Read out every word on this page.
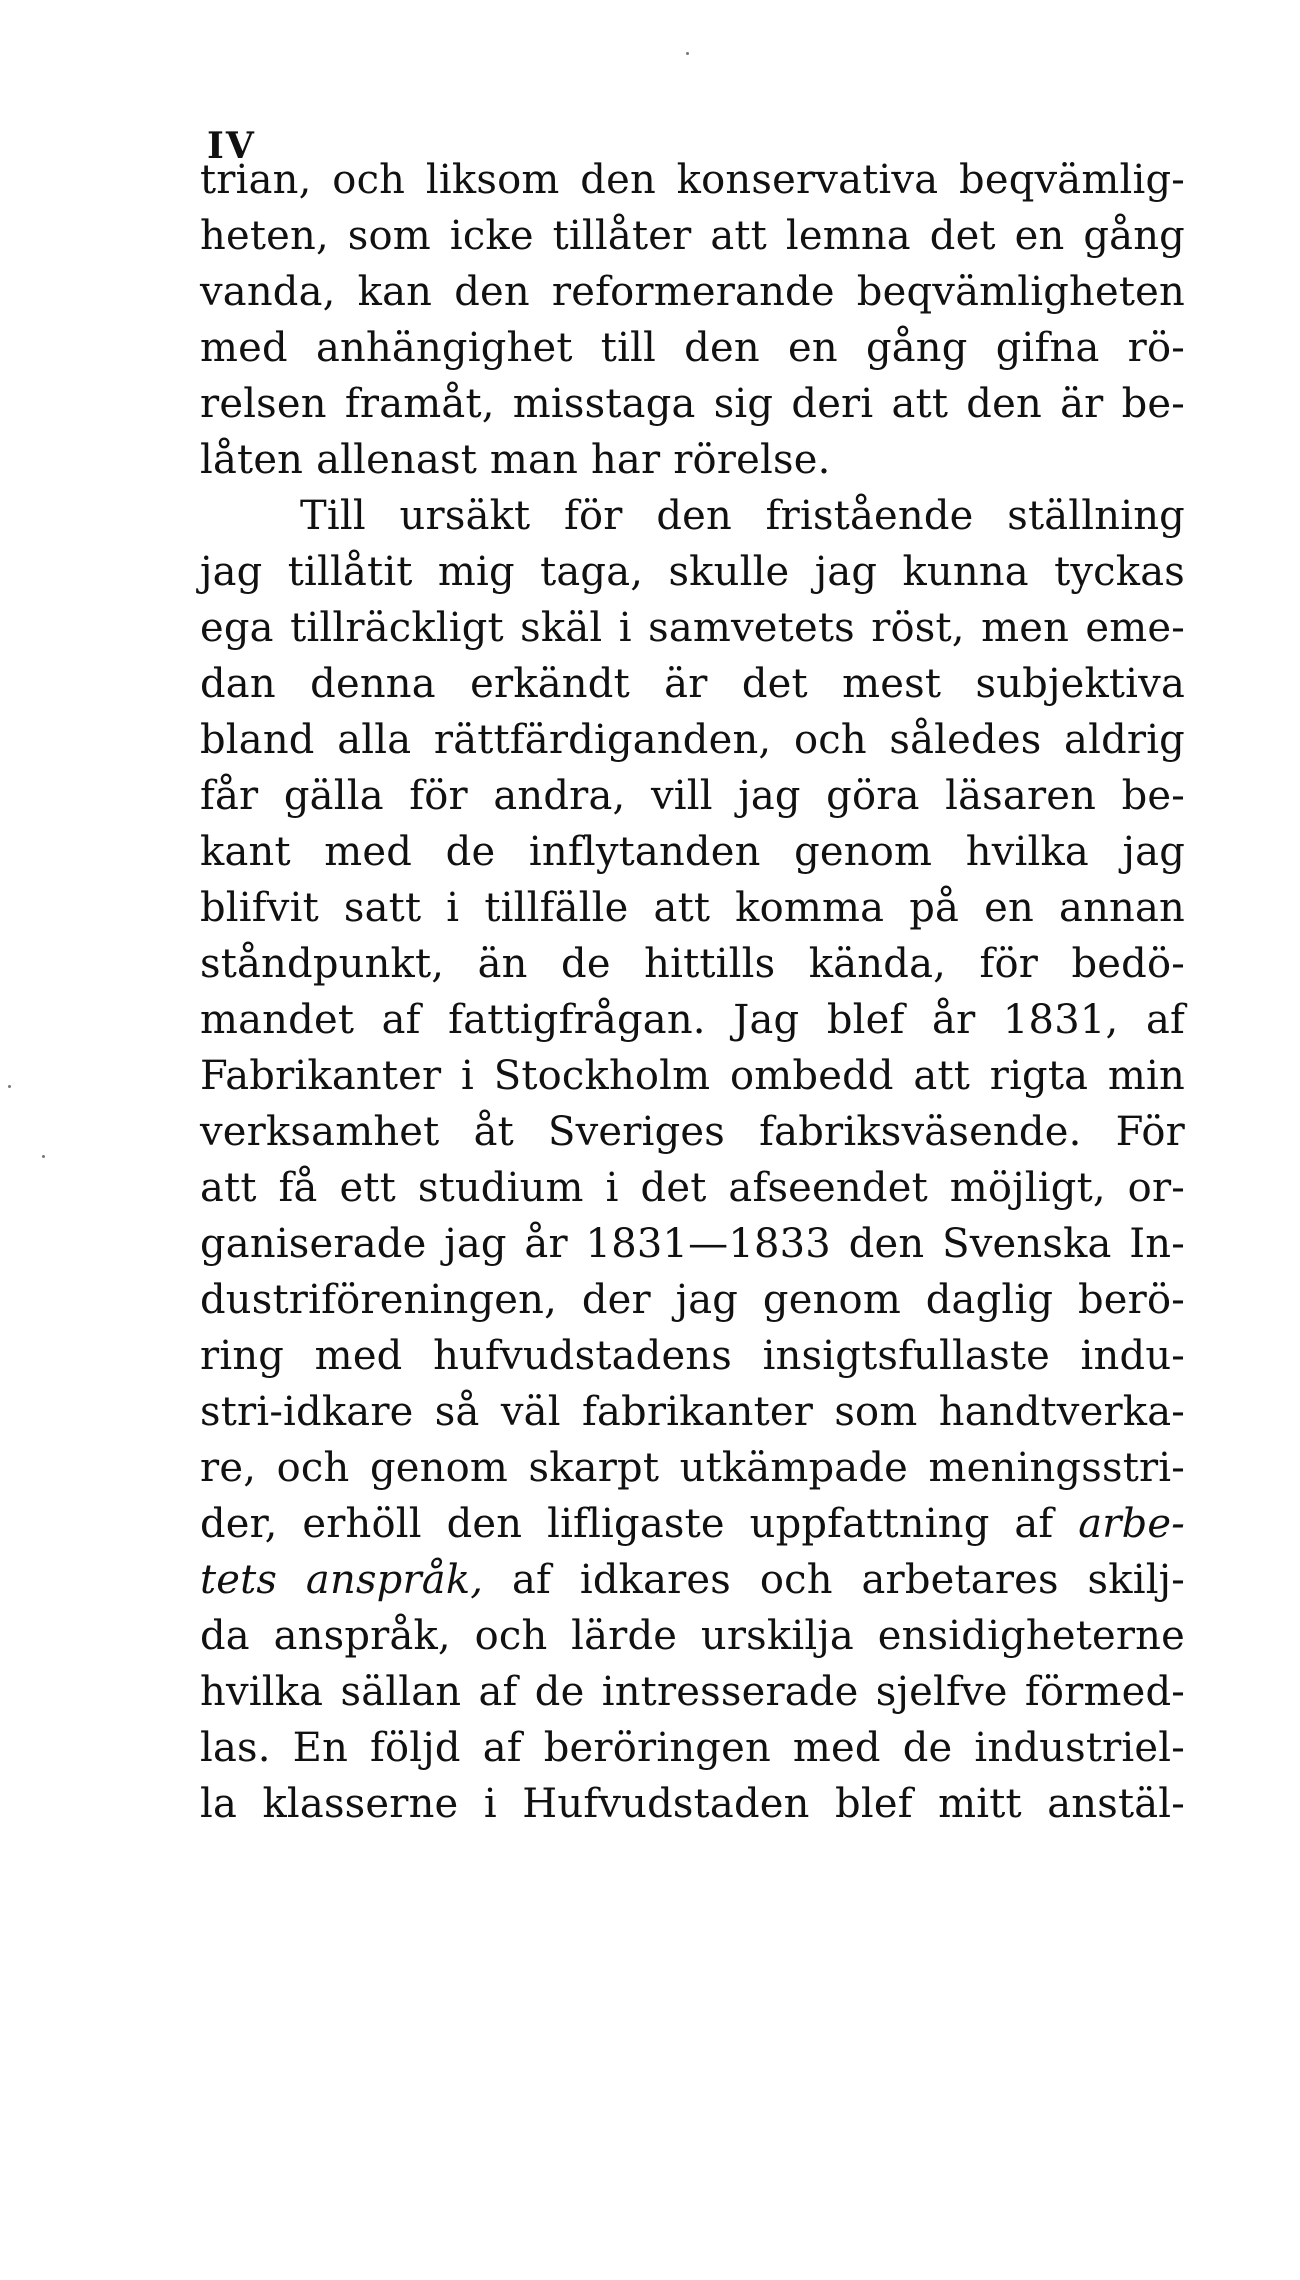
IV
trian, och liksom den konservativa beqvämlig-
heten, som icke tillåter att lemna det en gång
vanda, kan den reformerande beqvämligheten
med anhängighet till den en gång gifna rö-
relsen framåt, misstaga sig deri att den är be-
låten allenast man har rörelse.
Till ursäkt för den fristående ställning
jag tillåtit mig taga, skulle jag kunna tyckas
ega tillräckligt skäl i samvetets röst, men eme-
dan denna erkändt är det mest subjektiva
bland alla rättfärdiganden, och således aldrig
får gälla för andra, vill jag göra läsaren be-
kant med de inflytanden genom hvilka jag
blifvit satt i tillfälle att komma på en annan
ståndpunkt, än de hittills kända, för bedö-
mandet af fattigfrågan. Jag blef år 1831, af
Fabrikanter i Stockholm ombedd att rigta min
verksamhet åt Sveriges fabriksväsende. För
att få ett studium i det afseendet möjligt, or-
ganiserade jag år 1831—1833 den Svenska In-
dustriföreningen, der jag genom daglig berö-
ring med hufvudstadens insigtsfullaste indu-
stri-idkare så väl fabrikanter som handtverka-
re, och genom skarpt utkämpade meningsstri-
der, erhöll den lifligaste uppfattning af arbe-
tets anspråk, af idkares och arbetares skilj-
da anspråk, och lärde urskilja ensidigheterne
hvilka sällan af de intresserade sjelfve förmed-
las. En följd af beröringen med de industriel-
la klasserne i Hufvudstaden blef mitt anstäl-
